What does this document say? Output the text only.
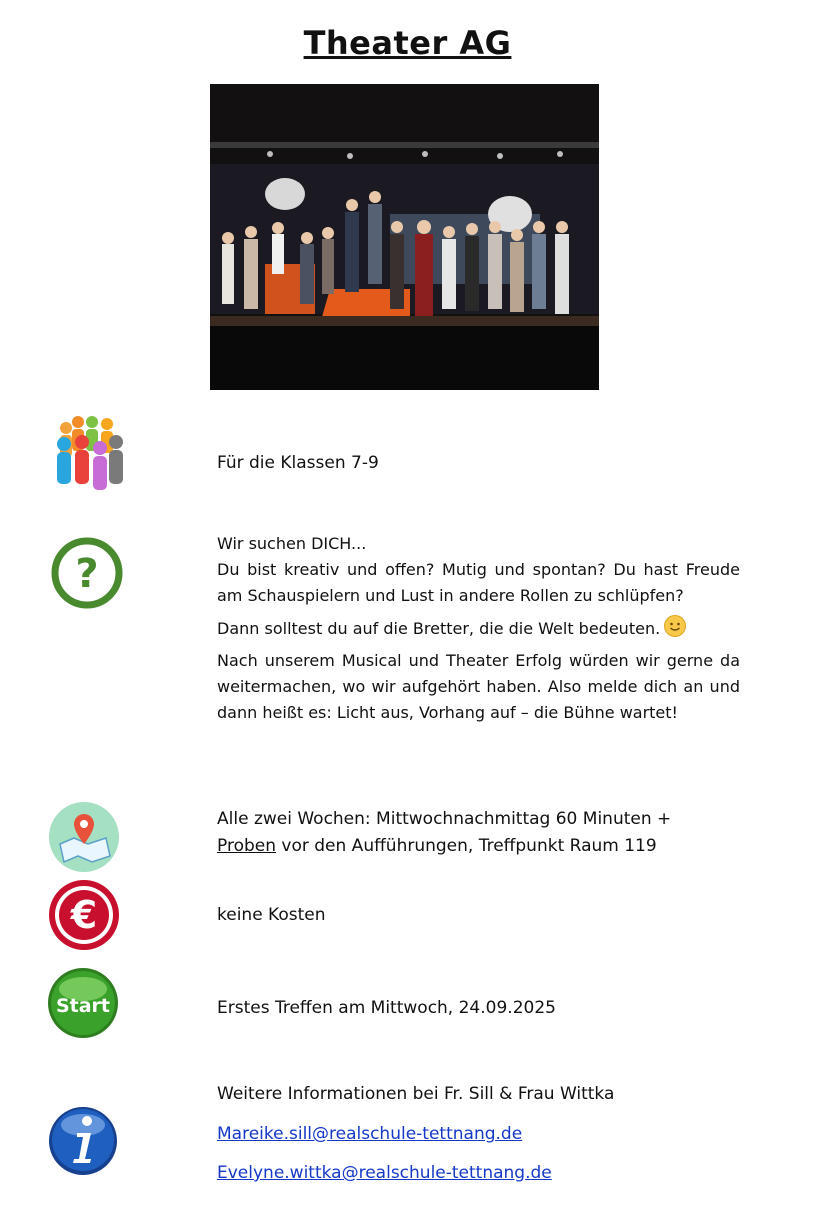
Theater AG
Für die Klassen 7-9
?

Wir suchen DICH...

Du bist kreativ und offen? Mutig und spontan? Du hast Freude am Schauspielern und Lust in andere Rollen zu schlüpfen?

Dann solltest du auf die Bretter, die die Welt bedeuten.

Nach unserem Musical und Theater Erfolg würden wir gerne da weitermachen, wo wir aufgehört haben. Also melde dich an und dann heißt es: Licht aus, Vorhang auf – die Bühne wartet!

Alle zwei Wochen: Mittwochnachmittag 60 Minuten +
Proben vor den Aufführungen, Treffpunkt Raum 119
€	keine Kosten
Start	Erstes Treffen am Mittwoch, 24.09.2025
Weitere Informationen bei Fr. Sill & Frau Wittka
Mareike.sill@realschule-tettnang.de
Evelyne.wittka@realschule-tettnang.de
